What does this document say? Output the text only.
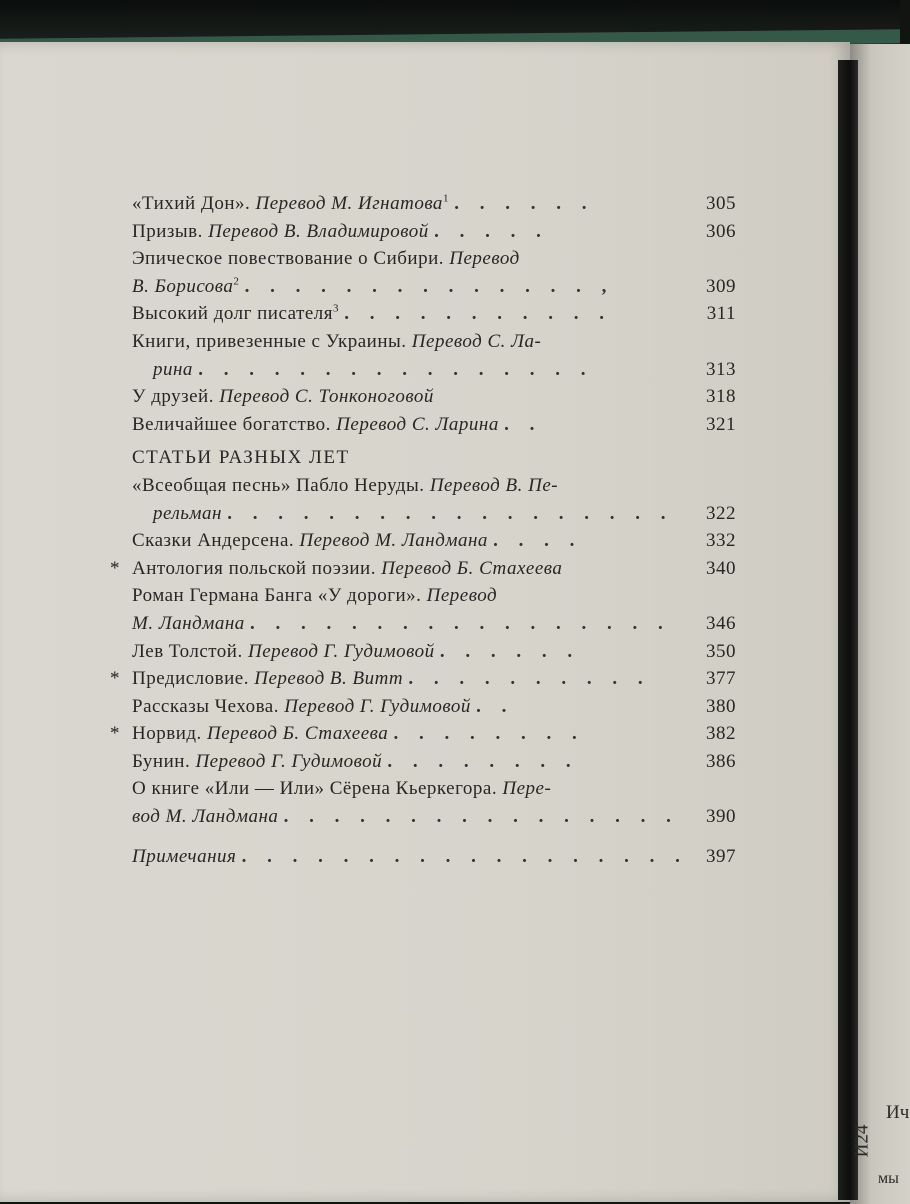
Ич
И24
мы
«Тихий Дон». Перевод М. Игнатова$^1$ . . . . . .	305
Призыв. Перевод В. Владимировой . . . . .	306
Эпическое повествование о Сибири. Перевод
В. Борисова$^2$ . . . . . . . . . . . . . . ,	309
Высокий долг писателя$^3$ . . . . . . . . . . .	311
Книги, привезенные с Украины. Перевод С. Ла-
рина . . . . . . . . . . . . . . . .	313
У друзей. Перевод С. Тонконоговой	318
Величайшее богатство. Перевод С. Ларина . .	321
СТАТЬИ РАЗНЫХ ЛЕТ
«Всеобщая песнь» Пабло Неруды. Перевод В. Пе-
рельман . . . . . . . . . . . . . . . . . .	322
Сказки Андерсена. Перевод М. Ландмана . . . .	332
* Антология польской поэзии. Перевод Б. Стахеева	340
Роман Германа Банга «У дороги». Перевод
М. Ландмана . . . . . . . . . . . . . . . . .	346
Лев Толстой. Перевод Г. Гудимовой . . . . . .	350
* Предисловие. Перевод В. Витт . . . . . . . . . .	377
Рассказы Чехова. Перевод Г. Гудимовой . .	380
* Норвид. Перевод Б. Стахеева . . . . . . . .	382
Бунин. Перевод Г. Гудимовой . . . . . . . .	386
О книге «Или — Или» Сёрена Кьеркегора. Пере-
вод М. Ландмана . . . . . . . . . . . . . . . .	390
Примечания . . . . . . . . . . . . . . . . . . 397
